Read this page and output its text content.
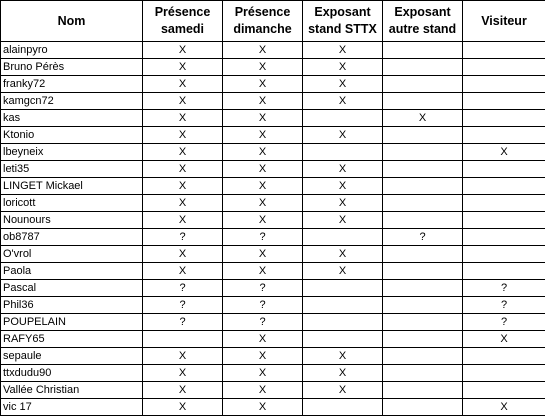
Nom	Présence samedi	Présence dimanche	Exposant stand STTX	Exposant autre stand	Visiteur
alainpyro	X	X	X		
Bruno Pérès	X	X	X		
franky72	X	X	X		
kamgcn72	X	X	X		
kas	X	X		X	
Ktonio	X	X	X		
lbeyneix	X	X			X
leti35	X	X	X		
LINGET Mickael	X	X	X		
loricott	X	X	X		
Nounours	X	X	X		
ob8787	?	?		?	
O'vrol	X	X	X		
Paola	X	X	X		
Pascal	?	?			?
Phil36	?	?			?
POUPELAIN	?	?			?
RAFY65		X			X
sepaule	X	X	X		
ttxdudu90	X	X	X		
Vallée Christian	X	X	X		
vic 17	X	X			X
